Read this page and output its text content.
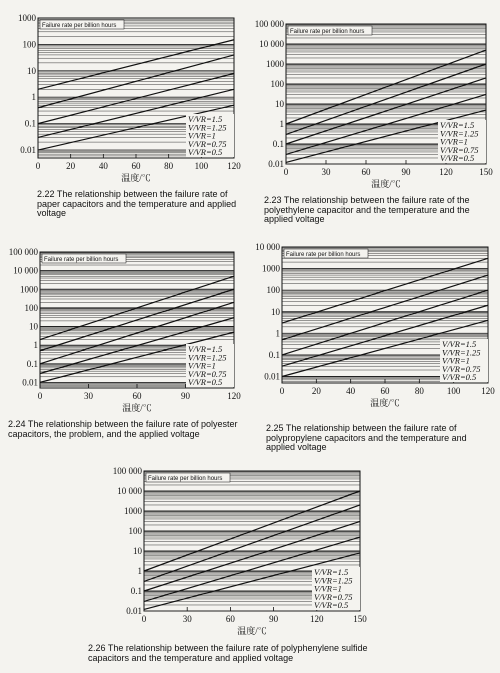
1000
100
10
1
0.1
0.01
0	20	40	60	80 100 120
温度/℃
Failure rate per billion hours
V/VR=1.5
V/VR=1.25
V/VR=1
V/VR=0.75
V/VR=0.5
2.22 The relationship between the failure rate of paper capacitors and the temperature and applied voltage
100 000
10 000
1000
100
10
1
0.1
0.01
0	30	60	90	120	150
温度/℃
Failure rate per billion hours
V/VR=1.5
V/VR=1.25
V/VR=1
V/VR=0.75
V/VR=0.5
2.23 The relationship between the failure rate of the polyethylene capacitor and the temperature and the applied voltage
100 000
10 000
1000
100
10
1
0.1
0.01
0	30	60	90	120
温度/℃
Failure rate per billion hours
V/VR=1.5
V/VR=1.25
V/VR=1
V/VR=0.75
V/VR=0.5
2.24 The relationship between the failure rate of polyester capacitors, the problem, and the applied voltage
10 000
1000
100
10
1
0.1
0.01
0	20	40	60	80	100 120
温度/℃
Failure rate per billion hours
V/VR=1.5
V/VR=1.25
V/VR=1
V/VR=0.75
V/VR=0.5
2.25 The relationship between the failure rate of polypropylene capacitors and the temperature and applied voltage
100 000
10 000
1000
100
10
1
0.1
0.01
0	30	60	90	120	150
温度/℃
Failure rate per billion hours
V/VR=1.5
V/VR=1.25
V/VR=1
V/VR=0.75
V/VR=0.5
2.26 The relationship between the failure rate of polyphenylene sulfide capacitors and the temperature and applied voltage
